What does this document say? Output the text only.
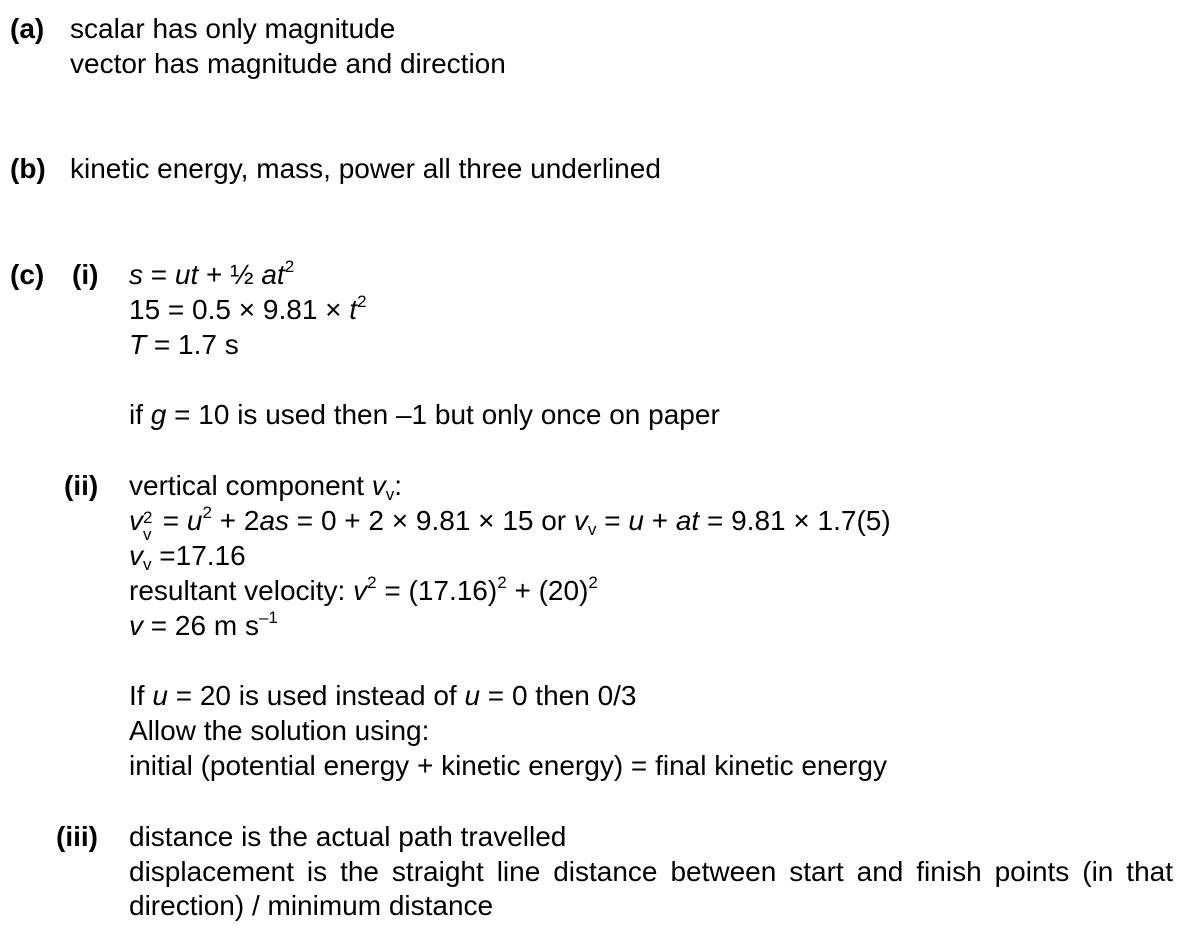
(a) scalar has only magnitude
vector has magnitude and direction
(b) kinetic energy, mass, power all three underlined
(c) (i) s = ut + ½ $at^2$
$15 = 0.5 \times 9.81 \times t^2$
T = 1.7 s
if g = 10 is used then –1 but only once on paper
(ii) vertical component $v_v$:
v 2
$v = u^2 + 2as = 0 + 2 \times 9.81 \times 15$ or $v_v = u$ + at = 9.81 × 1.7(5)
$v_v =17.16$
resultant velocity: $v^2 = (17.16)^2 + (20)^2$
v = 26 m $s^{-1}$
If u = 20 is used instead of u = 0 then 0/3
Allow the solution using:
initial (potential energy + kinetic energy) = final kinetic energy
(iii) distance is the actual path travelled
displacement is the straight line distance between start and finish points (in that direction) / minimum distance
